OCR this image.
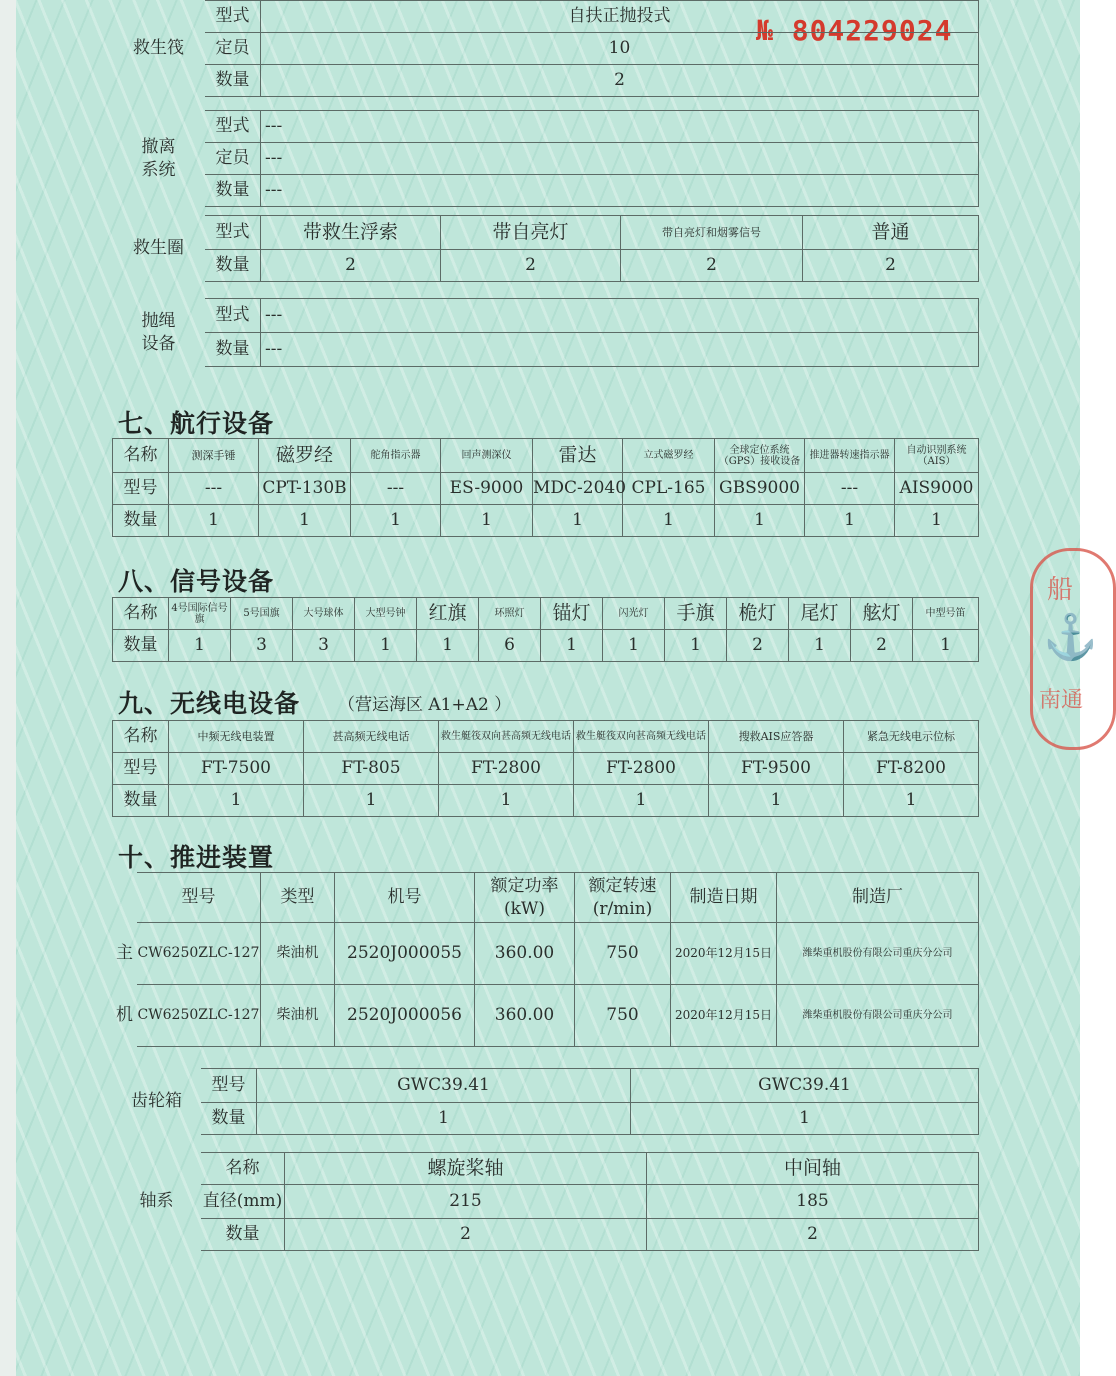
№ 804229024
救生筏	型式	自扶正抛投式
	定员	10
	数量	2
撤离
系统	型式	---
	定员	---
	数量	---
救生圈	型式	带救生浮索	带自亮灯	带自亮灯和烟雾信号	普通
	数量	2	2	2	2
抛绳
设备	型式	---
	数量	---
七、航行设备
名称	测深手锤	磁罗经	舵角指示器	回声测深仪	雷达	立式磁罗经	全球定位系统（GPS）接收设备	推进器转速指示器	自动识别系统（AIS）
型号	---	CPT-130B	---	ES-9000	MDC-2040	CPL-165	GBS9000	---	AIS9000
数量	1	1	1	1	1	1	1	1	1
八、信号设备
名称	4号国际信号旗	5号国旗	大号球体	大型号钟	红旗	环照灯	锚灯	闪光灯	手旗	桅灯	尾灯	舷灯	中型号笛
数量	1	3	3	1	1	6	1	1	1	2	1	2	1
九、无线电设备 （营运海区 A1+A2 ）
名称	中频无线电装置	甚高频无线电话	救生艇筏双向甚高频无线电话	救生艇筏双向甚高频无线电话	搜救AIS应答器	紧急无线电示位标
型号	FT-7500	FT-805	FT-2800	FT-2800	FT-9500	FT-8200
数量	1	1	1	1	1	1
十、推进装置
	型号	类型	机号	额定功率(kW)	额定转速(r/min)	制造日期	制造厂
主	CW6250ZLC-127	柴油机	2520J000055	360.00	750	2020年12月15日	潍柴重机股份有限公司重庆分公司
机	CW6250ZLC-127	柴油机	2520J000056	360.00	750	2020年12月15日	潍柴重机股份有限公司重庆分公司
齿轮箱	型号	GWC39.41	GWC39.41
	数量	1	1
轴系	名称	螺旋桨轴	中间轴
	直径(mm)	215	185
	数量	2	2
船
⚓
南通
